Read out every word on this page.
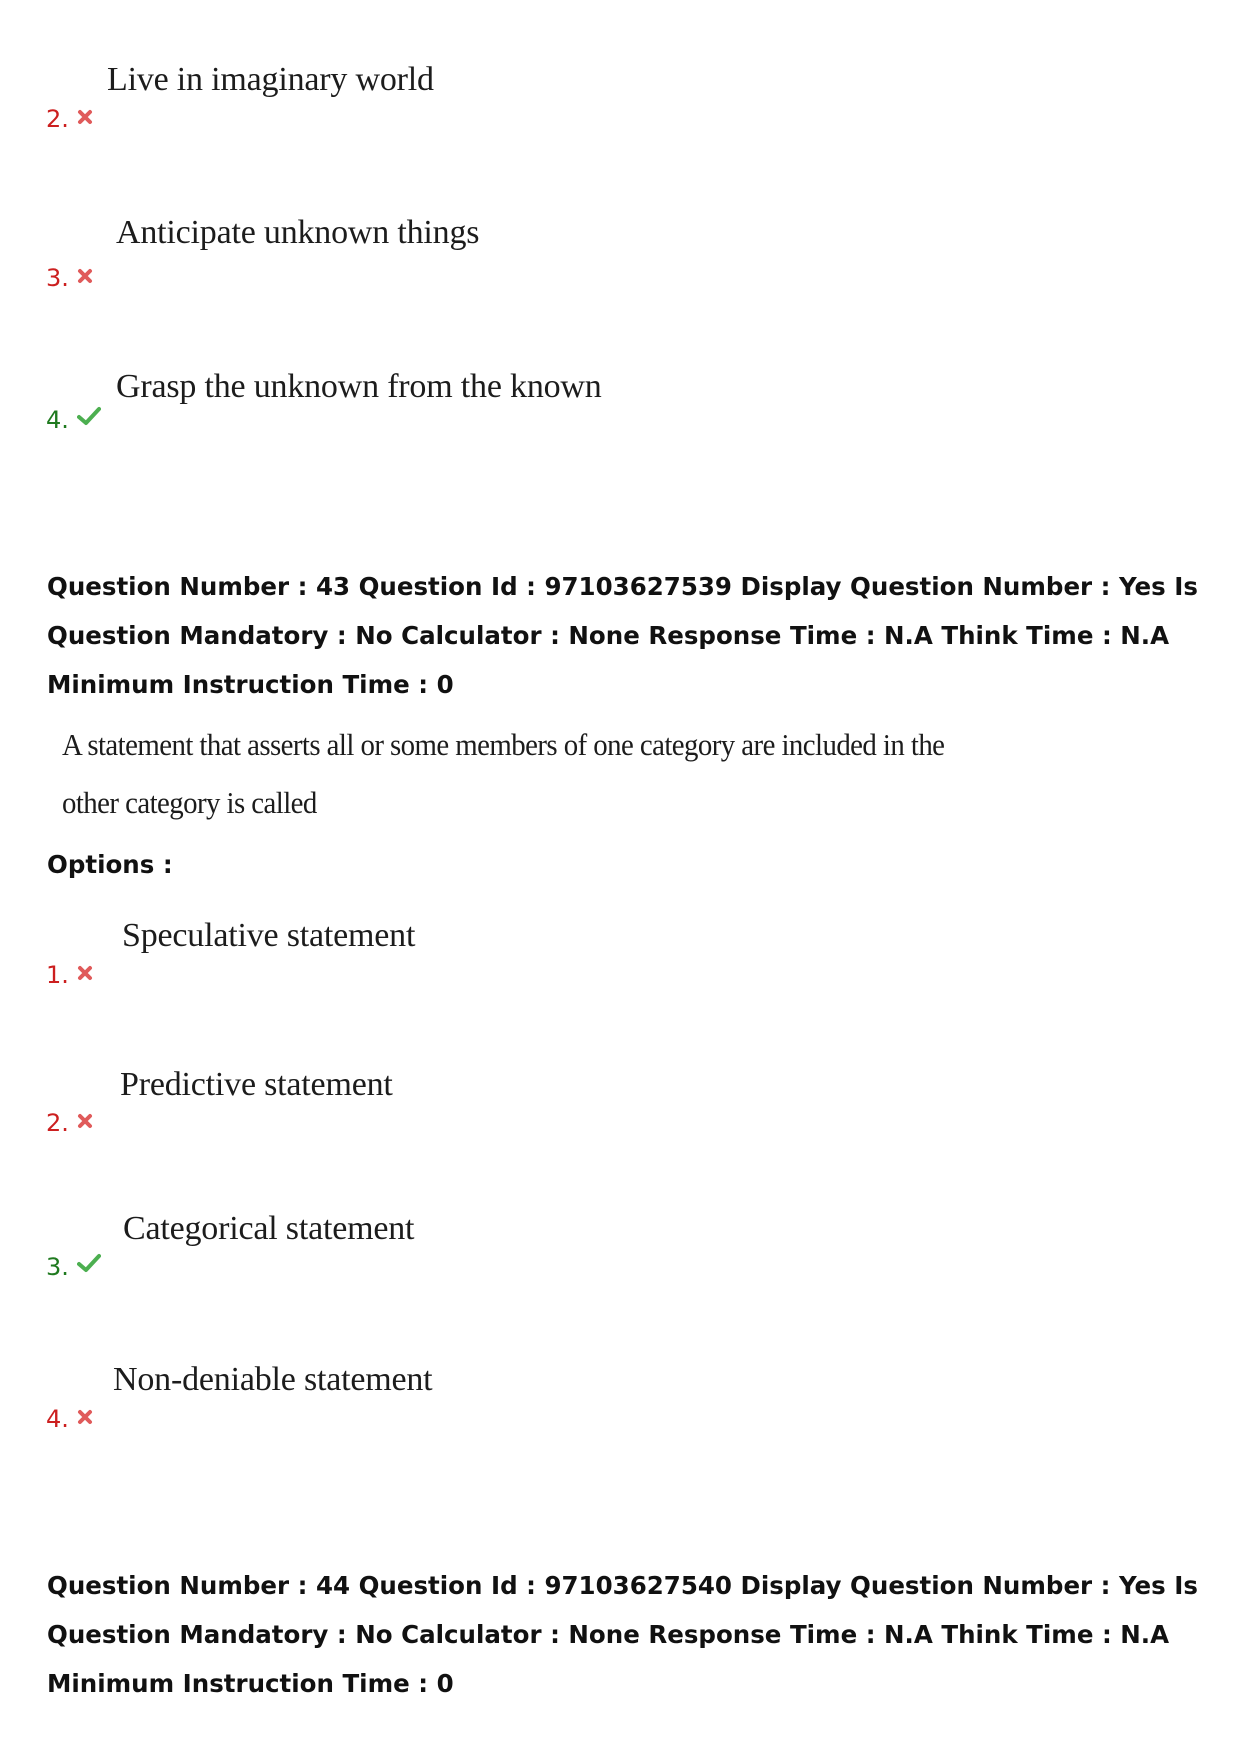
Live in imaginary world
2.
Anticipate unknown things
3.
Grasp the unknown from the known
4.

Question Number : 43 Question Id : 97103627539 Display Question Number : Yes Is Question Mandatory : No Calculator : None Response Time : N.A Think Time : N.A Minimum Instruction Time : 0

A statement that asserts all or some members of one category are included in the
other category is called
Options :
Speculative statement
1.
Predictive statement
2.
Categorical statement
3.
Non-deniable statement
4.

Question Number : 44 Question Id : 97103627540 Display Question Number : Yes Is Question Mandatory : No Calculator : None Response Time : N.A Think Time : N.A Minimum Instruction Time : 0
